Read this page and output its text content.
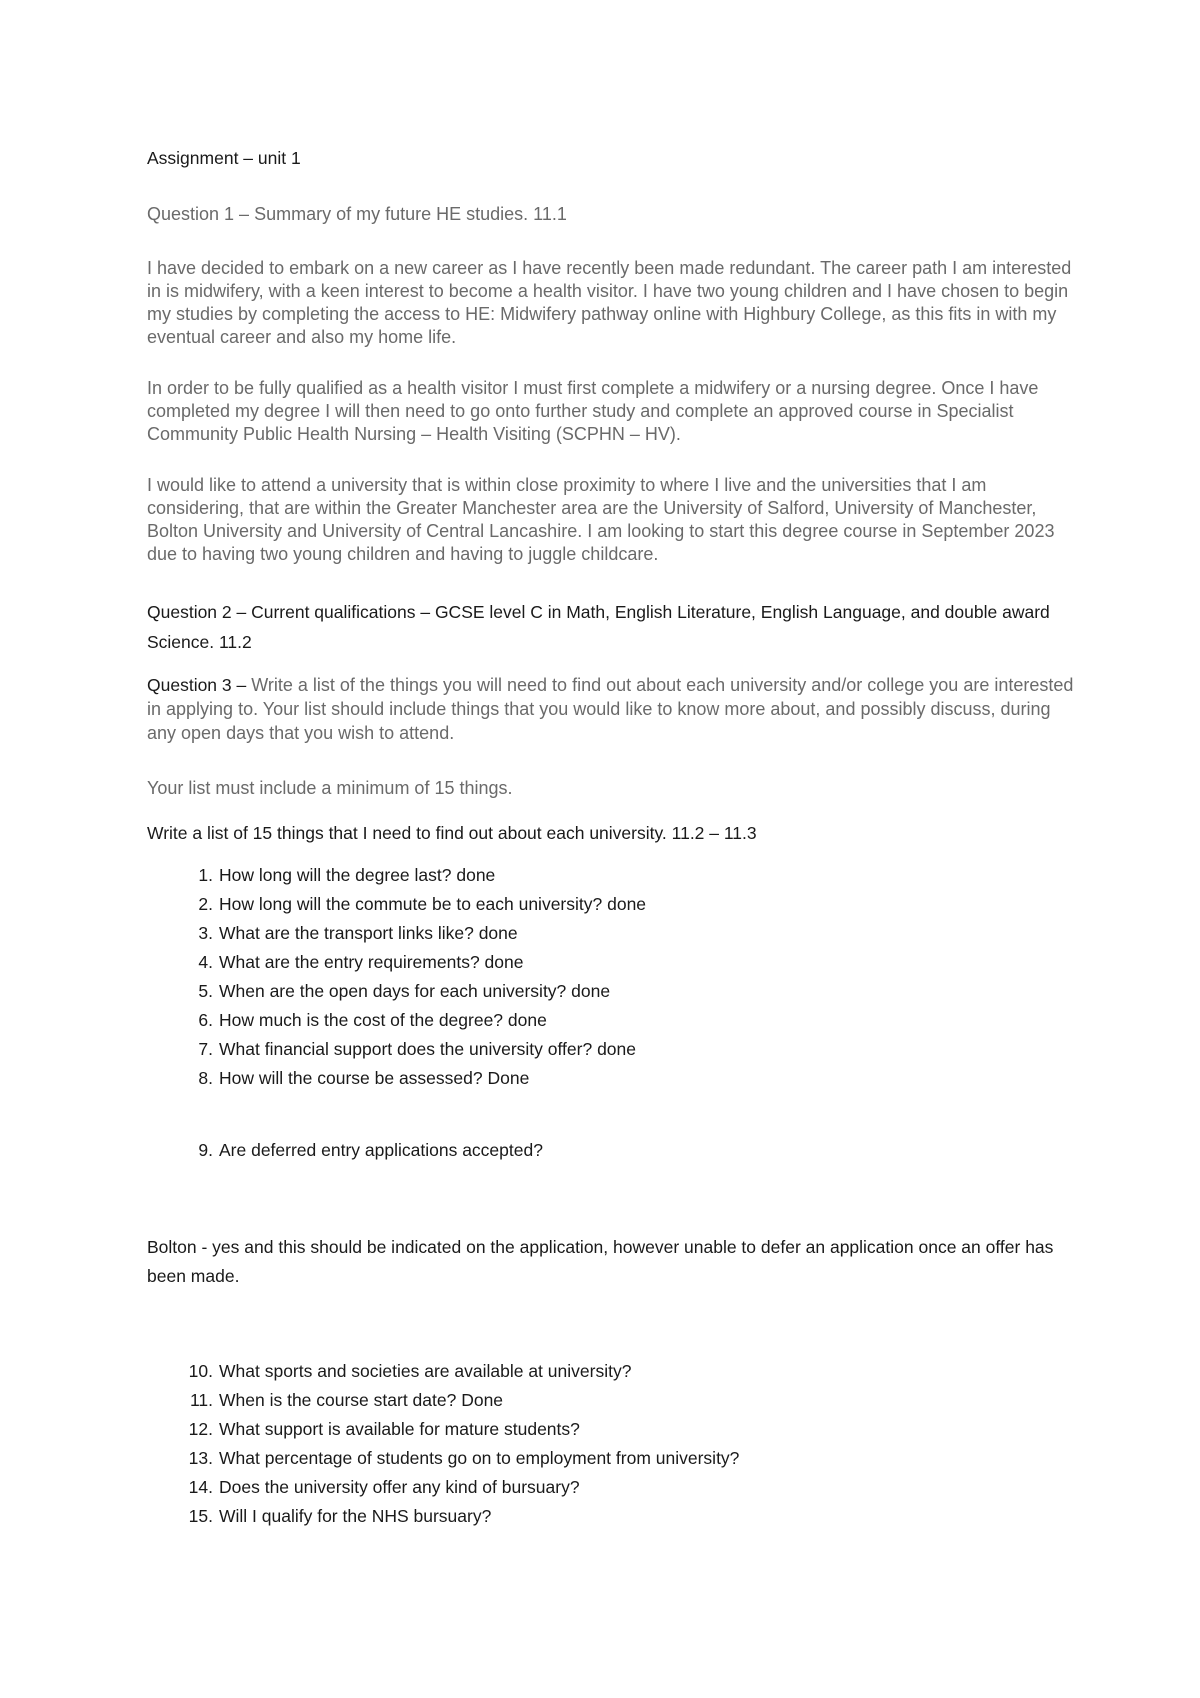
Assignment – unit 1

Question 1 – Summary of my future HE studies. 11.1

I have decided to embark on a new career as I have recently been made redundant. The career path I am interested in is midwifery, with a keen interest to become a health visitor. I have two young children and I have chosen to begin my studies by completing the access to HE: Midwifery pathway online with Highbury College, as this fits in with my eventual career and also my home life.

In order to be fully qualified as a health visitor I must first complete a midwifery or a nursing degree. Once I have completed my degree I will then need to go onto further study and complete an approved course in Specialist Community Public Health Nursing – Health Visiting (SCPHN – HV).

I would like to attend a university that is within close proximity to where I live and the universities that I am considering, that are within the Greater Manchester area are the University of Salford, University of Manchester, Bolton University and University of Central Lancashire. I am looking to start this degree course in September 2023 due to having two young children and having to juggle childcare.

Question 2 – Current qualifications – GCSE level C in Math, English Literature, English Language, and double award Science. 11.2

Question 3 – Write a list of the things you will need to find out about each university and/or college you are interested in applying to. Your list should include things that you would like to know more about, and possibly discuss, during any open days that you wish to attend.

Your list must include a minimum of 15 things.

Write a list of 15 things that I need to find out about each university. 11.2 – 11.3

1. How long will the degree last? done
2. How long will the commute be to each university? done
3. What are the transport links like? done
4. What are the entry requirements? done
5. When are the open days for each university? done
6. How much is the cost of the degree? done
7. What financial support does the university offer? done
8. How will the course be assessed? Done
9. Are deferred entry applications accepted?

Bolton - yes and this should be indicated on the application, however unable to defer an application once an offer has been made.

10. What sports and societies are available at university?
11. When is the course start date? Done
12. What support is available for mature students?
13. What percentage of students go on to employment from university?
14. Does the university offer any kind of bursuary?
15. Will I qualify for the NHS bursuary?
